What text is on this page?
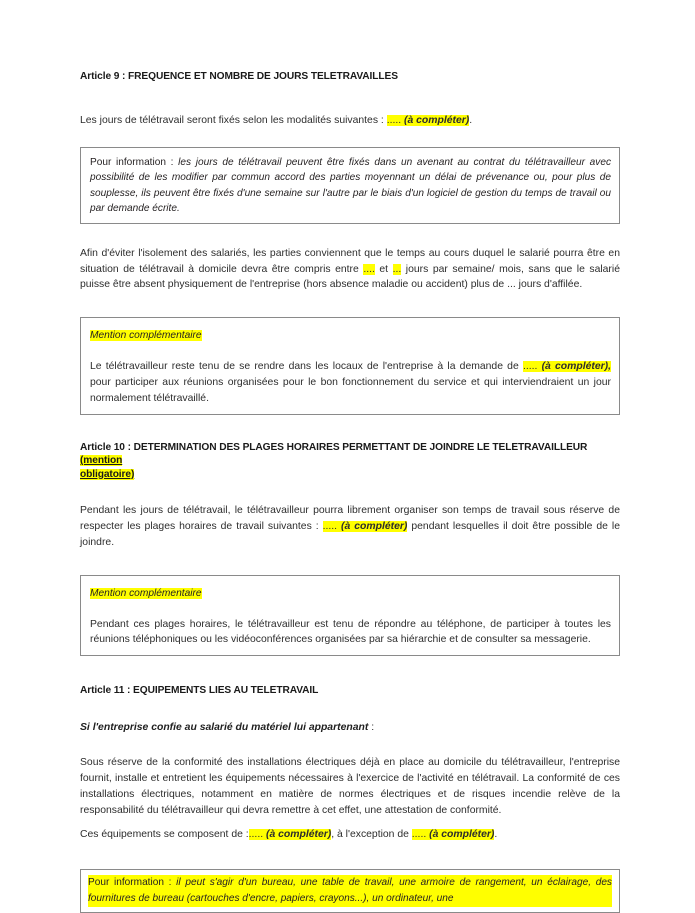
Article 9 : FREQUENCE ET NOMBRE DE JOURS TELETRAVAILLES

Les jours de télétravail seront fixés selon les modalités suivantes : ..... (à compléter).

Pour information : les jours de télétravail peuvent être fixés dans un avenant au contrat du télétravailleur avec possibilité de les modifier par commun accord des parties moyennant un délai de prévenance ou, pour plus de souplesse, ils peuvent être fixés d'une semaine sur l'autre par le biais d'un logiciel de gestion du temps de travail ou par demande écrite.

Afin d'éviter l'isolement des salariés, les parties conviennent que le temps au cours duquel le salarié pourra être en situation de télétravail à domicile devra être compris entre .... et ... jours par semaine/ mois, sans que le salarié puisse être absent physiquement de l'entreprise (hors absence maladie ou accident) plus de ... jours d'affilée.

Mention complémentaire

Le télétravailleur reste tenu de se rendre dans les locaux de l'entreprise à la demande de ..... (à compléter), pour participer aux réunions organisées pour le bon fonctionnement du service et qui interviendraient un jour normalement télétravaillé.

Article 10 : DETERMINATION DES PLAGES HORAIRES PERMETTANT DE JOINDRE LE TELETRAVAILLEUR (mention
obligatoire)

Pendant les jours de télétravail, le télétravailleur pourra librement organiser son temps de travail sous réserve de respecter les plages horaires de travail suivantes : ..... (à compléter) pendant lesquelles il doit être possible de le joindre.

Mention complémentaire

Pendant ces plages horaires, le télétravailleur est tenu de répondre au téléphone, de participer à toutes les réunions téléphoniques ou les vidéoconférences organisées par sa hiérarchie et de consulter sa messagerie.

Article 11 : EQUIPEMENTS LIES AU TELETRAVAIL

Si l'entreprise confie au salarié du matériel lui appartenant :

Sous réserve de la conformité des installations électriques déjà en place au domicile du télétravailleur, l'entreprise fournit, installe et entretient les équipements nécessaires à l'exercice de l'activité en télétravail. La conformité de ces installations électriques, notamment en matière de normes électriques et de risques incendie relève de la responsabilité du télétravailleur qui devra remettre à cet effet, une attestation de conformité.

Ces équipements se composent de :..... (à compléter), à l'exception de ..... (à compléter).

Pour information : il peut s'agir d'un bureau, une table de travail, une armoire de rangement, un éclairage, des fournitures de bureau (cartouches d'encre, papiers, crayons...), un ordinateur, une
